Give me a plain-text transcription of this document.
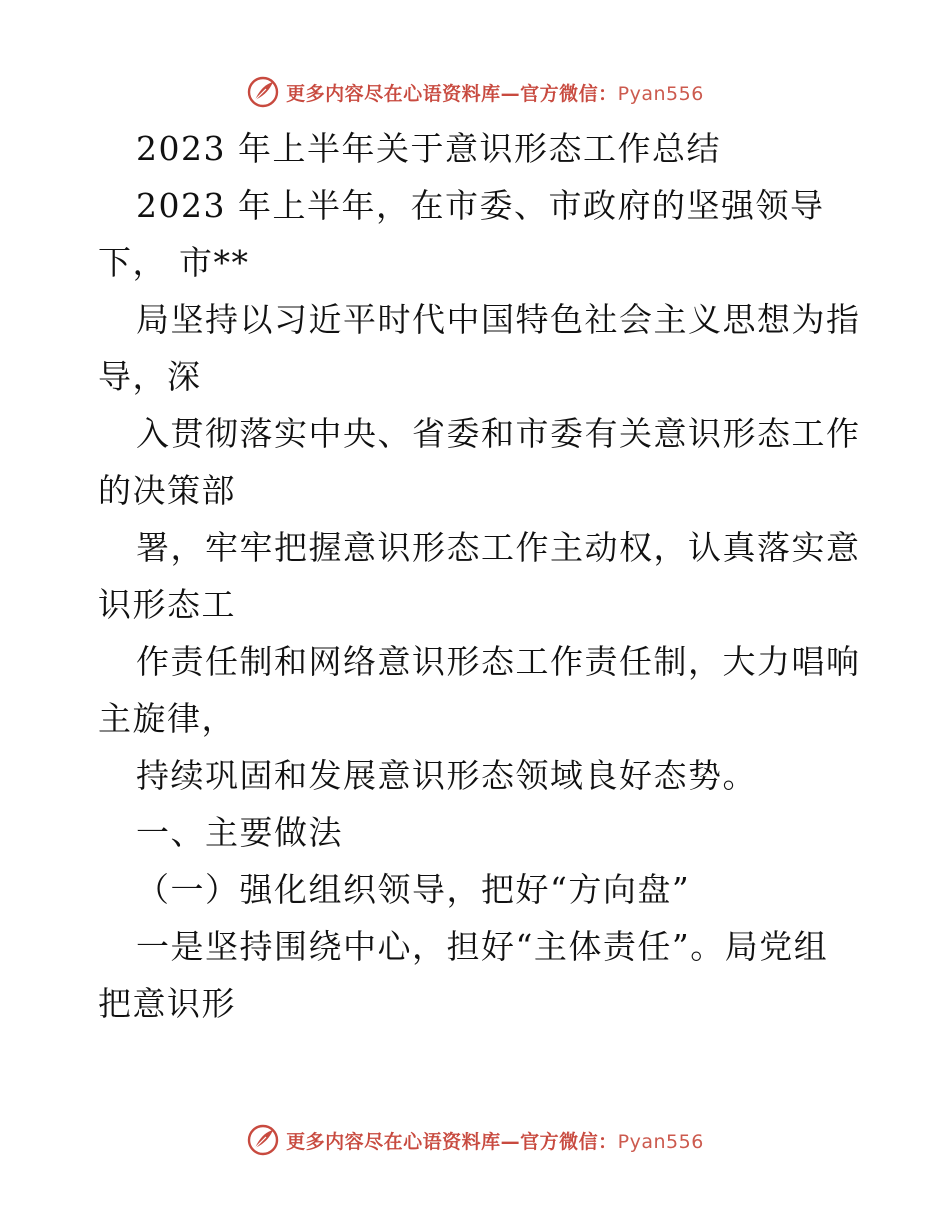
更多内容尽在心语资料库—官方微信：Pyan556
2023 年上半年关于意识形态工作总结
2023 年上半年，在市委、市政府的坚强领导
下， 市**
局坚持以习近平时代中国特色社会主义思想为指
导，深
入贯彻落实中央、省委和市委有关意识形态工作
的决策部
署，牢牢把握意识形态工作主动权，认真落实意
识形态工
作责任制和网络意识形态工作责任制，大力唱响
主旋律，
持续巩固和发展意识形态领域良好态势。
一、主要做法
（一）强化组织领导，把好“方向盘”
一是坚持围绕中心，担好“主体责任”。局党组
把意识形
更多内容尽在心语资料库—官方微信：Pyan556
